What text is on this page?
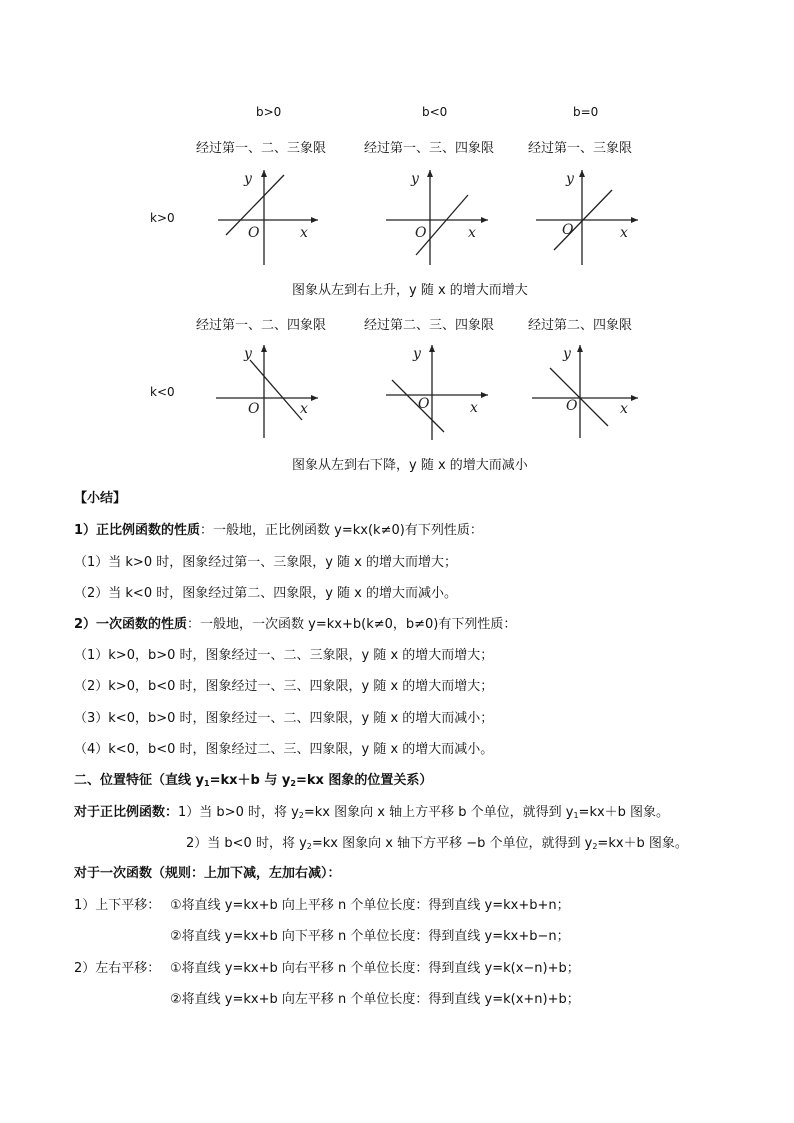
b>0	b<0	b=0
经过第一、二、三象限	经过第一、三、四象限	经过第一、三象限
k>0
y
O	x
y
O	x
y
O	x
图象从左到右上升，y 随 x 的增大而增大
经过第一、二、四象限	经过第二、三、四象限	经过第二、四象限
k<0
y
O	x
y
O	x
y
O	x
图象从左到右下降，y 随 x 的增大而减小
【小结】
1）正比例函数的性质：一般地，正比例函数 y=kx(k≠0)有下列性质：
（1）当 k>0 时，图象经过第一、三象限，y 随 x 的增大而增大；
（2）当 k<0 时，图象经过第二、四象限，y 随 x 的增大而减小。
2）一次函数的性质：一般地，一次函数 y=kx+b(k≠0，b≠0)有下列性质：
（1）k>0，b>0 时，图象经过一、二、三象限，y 随 x 的增大而增大；
（2）k>0，b<0 时，图象经过一、三、四象限，y 随 x 的增大而增大；
（3）k<0，b>0 时，图象经过一、二、四象限，y 随 x 的增大而减小；
（4）k<0，b<0 时，图象经过二、三、四象限，y 随 x 的增大而减小。
二、位置特征（直线 $y_1=kx+b$ 与 $y_2=kx$ 图象的位置关系）
对于正比例函数：1）当 b>0 时，将 $y_2=kx$ 图象向 x 轴上方平移 b 个单位，就得到 $y_1=kx+b$ 图象。
2）当 b<0 时，将 $y_2=kx$ 图象向 x 轴下方平移 −b 个单位，就得到 $y_2=kx+b$ 图象。
对于一次函数（规则：上加下减，左加右减）：
1）上下平移： ①将直线 y=kx+b 向上平移 n 个单位长度：得到直线 y=kx+b+n；
②将直线 y=kx+b 向下平移 n 个单位长度：得到直线 y=kx+b−n；
2）左右平移： ①将直线 y=kx+b 向右平移 n 个单位长度：得到直线 y=k(x−n)+b；
②将直线 y=kx+b 向左平移 n 个单位长度：得到直线 y=k(x+n)+b；
